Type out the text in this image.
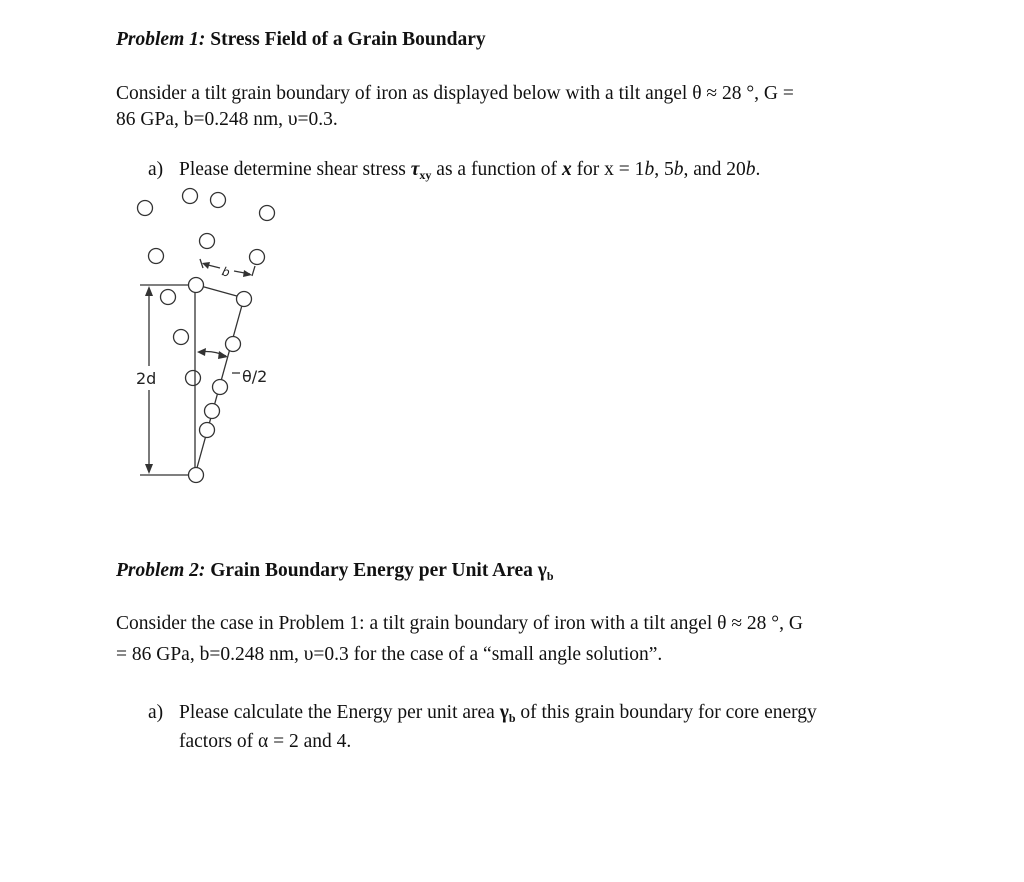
Problem 1: Stress Field of a Grain Boundary
Consider a tilt grain boundary of iron as displayed below with a tilt angel θ ≈ 28 °, G =
86 GPa, b=0.248 nm, υ=0.3.
a) Please determine shear stress $\tau_{xy}$ as a function of x for x = 1b, 5b, and 20b.
2d	θ/2
b
Problem 2: Grain Boundary Energy per Unit Area $\gamma_b$
Consider the case in Problem 1: a tilt grain boundary of iron with a tilt angel θ ≈ 28 °, G
= 86 GPa, b=0.248 nm, υ=0.3 for the case of a “small angle solution”.
a) Please calculate the Energy per unit area $\gamma_b$ of this grain boundary for core energy
factors of α = 2 and 4.
